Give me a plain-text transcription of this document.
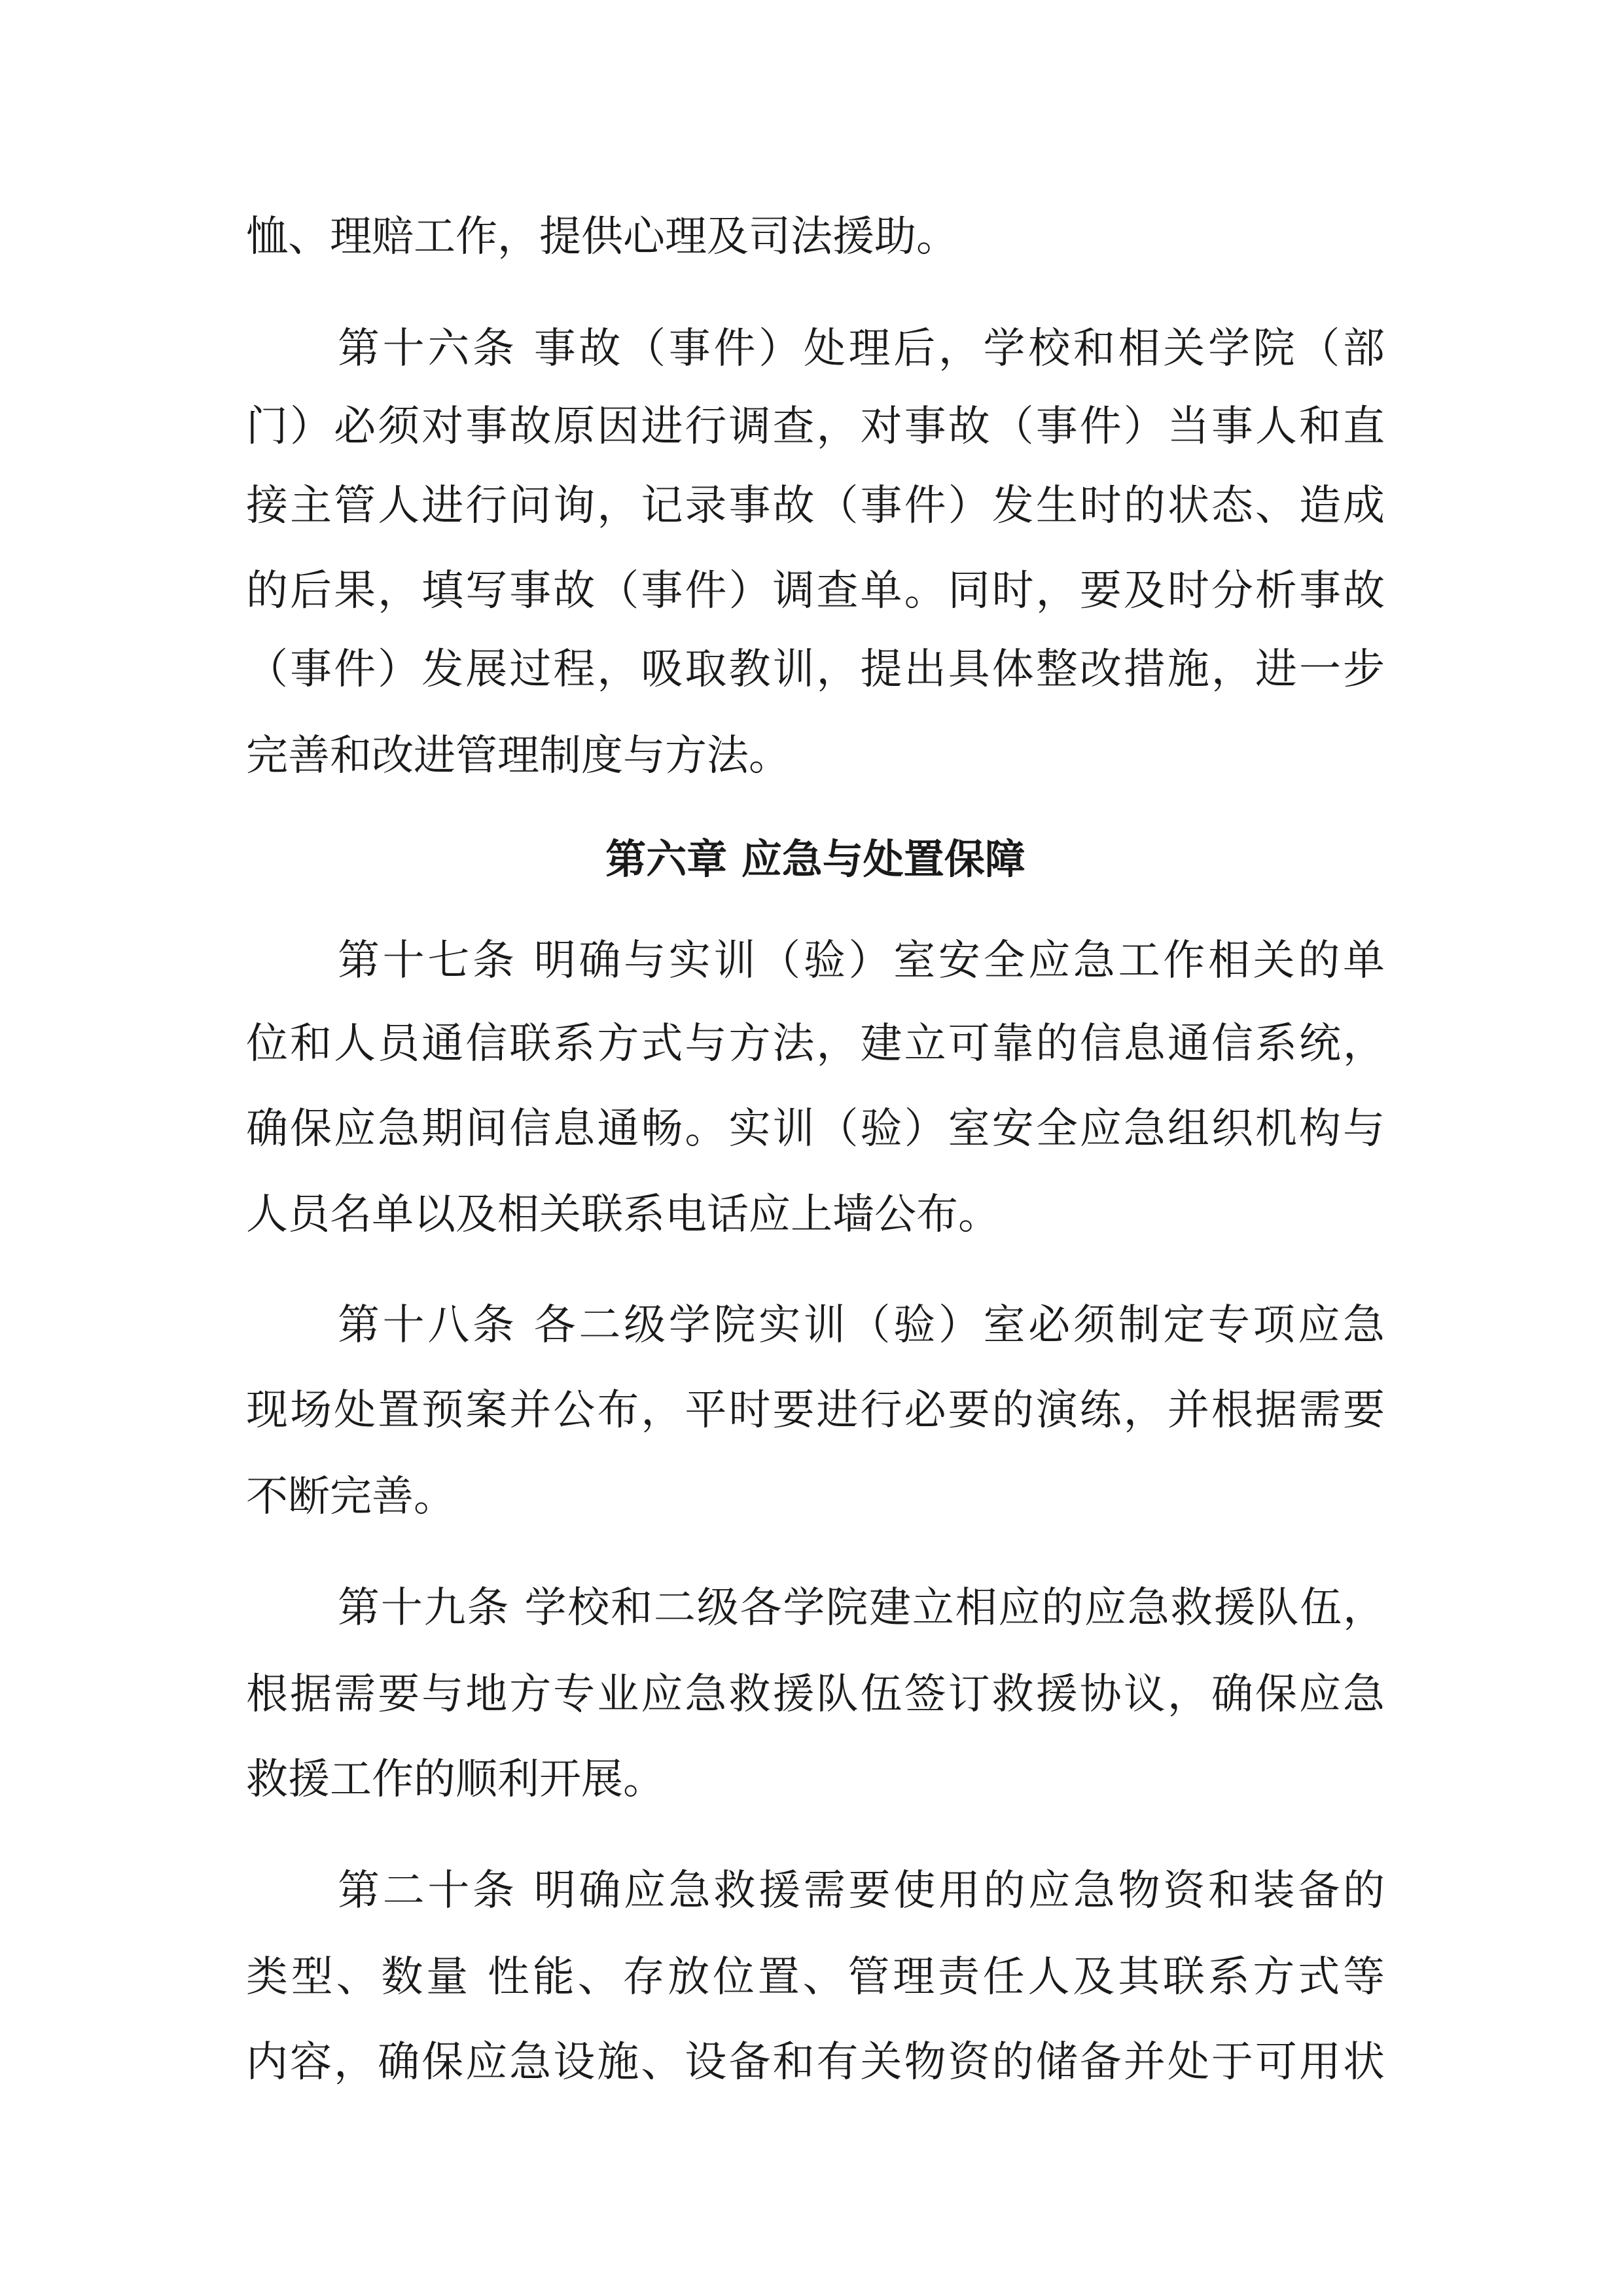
恤、理赔工作，提供心理及司法援助。
第十六条 事故（事件）处理后，学校和相关学院（部
门）必须对事故原因进行调查，对事故（事件）当事人和直
接主管人进行问询，记录事故（事件）发生时的状态、造成
的后果，填写事故（事件）调查单。同时，要及时分析事故
（事件）发展过程，吸取教训，提出具体整改措施，进一步
完善和改进管理制度与方法。
第六章 应急与处置保障
第十七条 明确与实训（验）室安全应急工作相关的单
位和人员通信联系方式与方法，建立可靠的信息通信系统，
确保应急期间信息通畅。实训（验）室安全应急组织机构与
人员名单以及相关联系电话应上墙公布。
第十八条 各二级学院实训（验）室必须制定专项应急
现场处置预案并公布，平时要进行必要的演练，并根据需要
不断完善。
第十九条 学校和二级各学院建立相应的应急救援队伍，
根据需要与地方专业应急救援队伍签订救援协议，确保应急
救援工作的顺利开展。
第二十条 明确应急救援需要使用的应急物资和装备的
类型、数量 性能、存放位置、管理责任人及其联系方式等
内容，确保应急设施、设备和有关物资的储备并处于可用状
